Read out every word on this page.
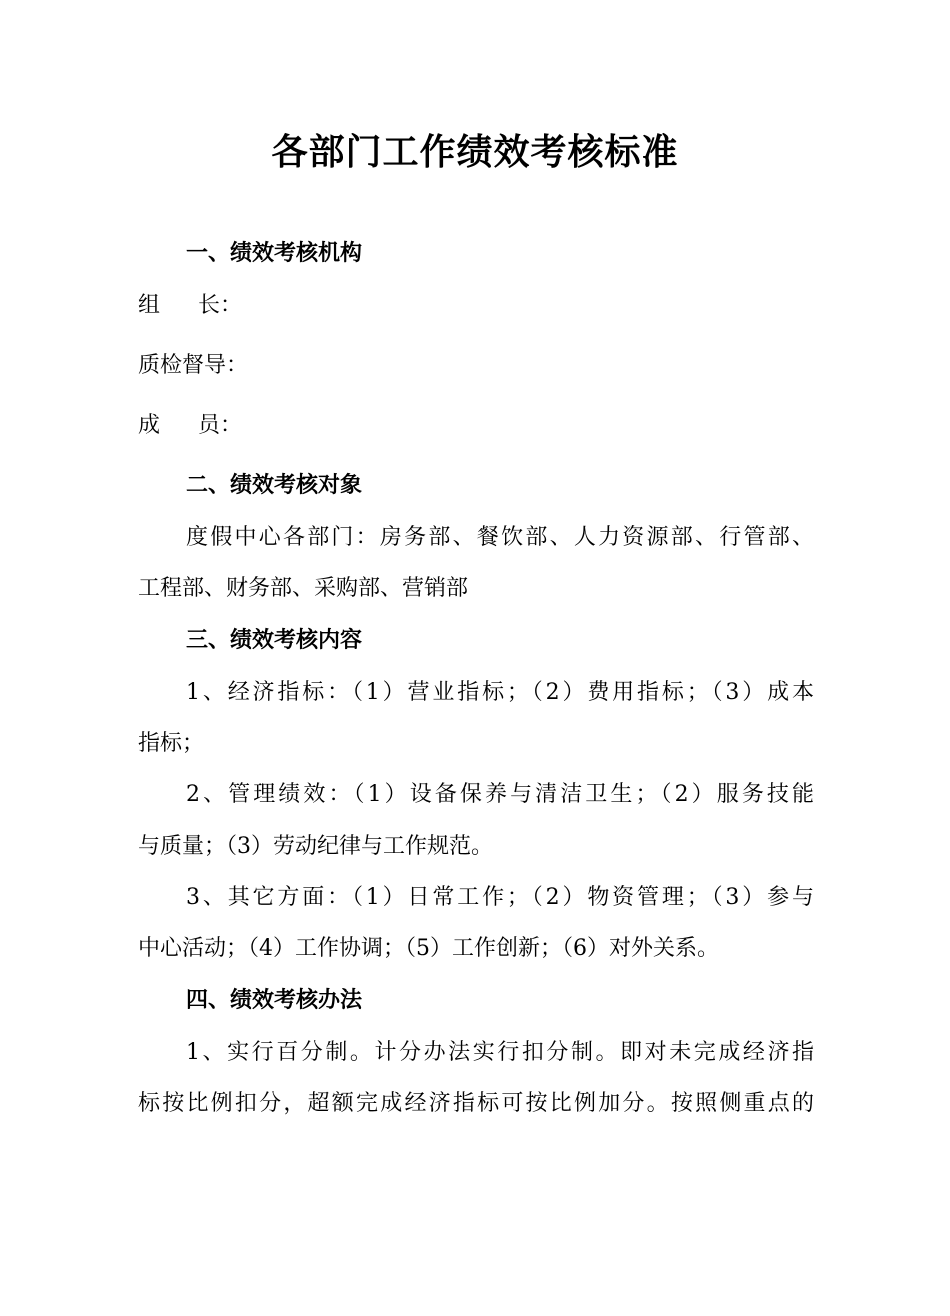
各部门工作绩效考核标准
一、绩效考核机构
组长：
质检督导：
成员：
二、绩效考核对象
度假中心各部门：房务部、餐饮部、人力资源部、行管部、
工程部、财务部、采购部、营销部
三、绩效考核内容
1、经济指标：（1）营业指标；（2）费用指标；（3）成本
指标；
2、管理绩效：（1）设备保养与清洁卫生；（2）服务技能
与质量；（3）劳动纪律与工作规范。
3、其它方面：（1）日常工作；（2）物资管理；（3）参与
中心活动；（4）工作协调；（5）工作创新；（6）对外关系。
四、绩效考核办法
1、实行百分制。计分办法实行扣分制。即对未完成经济指
标按比例扣分，超额完成经济指标可按比例加分。按照侧重点的
